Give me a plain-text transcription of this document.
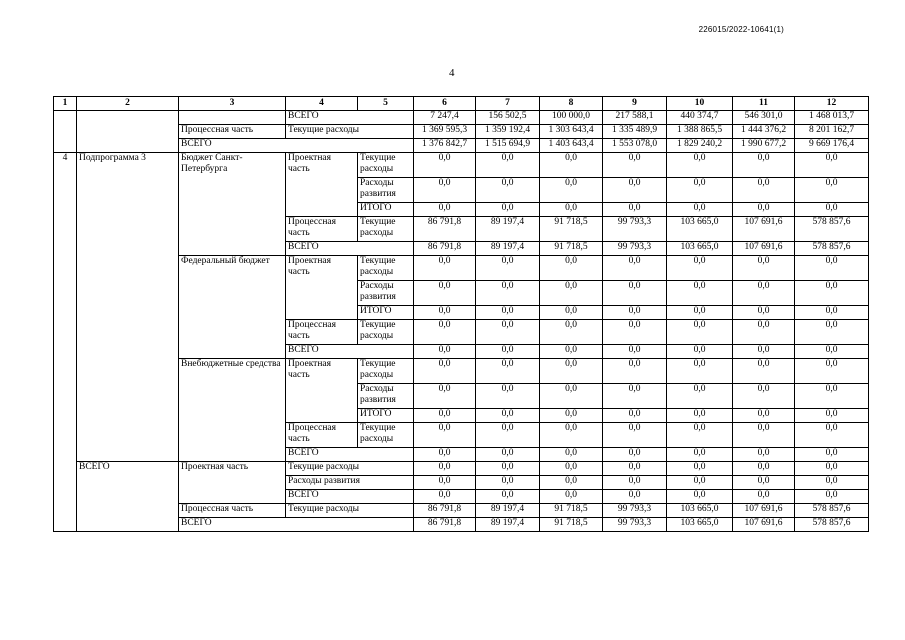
226015/2022-10641(1)
4
1	2	3	4	5	6	7	8	9	10	11	12
			ВСЕГО		7 247,4	156 502,5	100 000,0	217 588,1	440 374,7	546 301,0	1 468 013,7
		Процессная часть	Текущие расходы		1 369 595,3	1 359 192,4	1 303 643,4	1 335 489,9	1 388 865,5	1 444 376,2	8 201 162,7
		ВСЕГО			1 376 842,7	1 515 694,9	1 403 643,4	1 553 078,0	1 829 240,2	1 990 677,2	9 669 176,4
4	Подпрограмма 3	Бюджет Санкт-Петербурга	Проектная часть	Текущие расходы	0,0	0,0	0,0	0,0	0,0	0,0	0,0
				Расходы развития	0,0	0,0	0,0	0,0	0,0	0,0	0,0
				ИТОГО	0,0	0,0	0,0	0,0	0,0	0,0	0,0
			Процессная часть	Текущие расходы	86 791,8	89 197,4	91 718,5	99 793,3	103 665,0	107 691,6	578 857,6
			ВСЕГО		86 791,8	89 197,4	91 718,5	99 793,3	103 665,0	107 691,6	578 857,6
		Федеральный бюджет	Проектная часть	Текущие расходы	0,0	0,0	0,0	0,0	0,0	0,0	0,0
				Расходы развития	0,0	0,0	0,0	0,0	0,0	0,0	0,0
				ИТОГО	0,0	0,0	0,0	0,0	0,0	0,0	0,0
			Процессная часть	Текущие расходы	0,0	0,0	0,0	0,0	0,0	0,0	0,0
			ВСЕГО		0,0	0,0	0,0	0,0	0,0	0,0	0,0
		Внебюджетные средства	Проектная часть	Текущие расходы	0,0	0,0	0,0	0,0	0,0	0,0	0,0
				Расходы развития	0,0	0,0	0,0	0,0	0,0	0,0	0,0
				ИТОГО	0,0	0,0	0,0	0,0	0,0	0,0	0,0
			Процессная часть	Текущие расходы	0,0	0,0	0,0	0,0	0,0	0,0	0,0
			ВСЕГО		0,0	0,0	0,0	0,0	0,0	0,0	0,0
	ВСЕГО	Проектная часть	Текущие расходы		0,0	0,0	0,0	0,0	0,0	0,0	0,0
			Расходы развития		0,0	0,0	0,0	0,0	0,0	0,0	0,0
			ВСЕГО		0,0	0,0	0,0	0,0	0,0	0,0	0,0
		Процессная часть	Текущие расходы		86 791,8	89 197,4	91 718,5	99 793,3	103 665,0	107 691,6	578 857,6
		ВСЕГО			86 791,8	89 197,4	91 718,5	99 793,3	103 665,0	107 691,6	578 857,6
